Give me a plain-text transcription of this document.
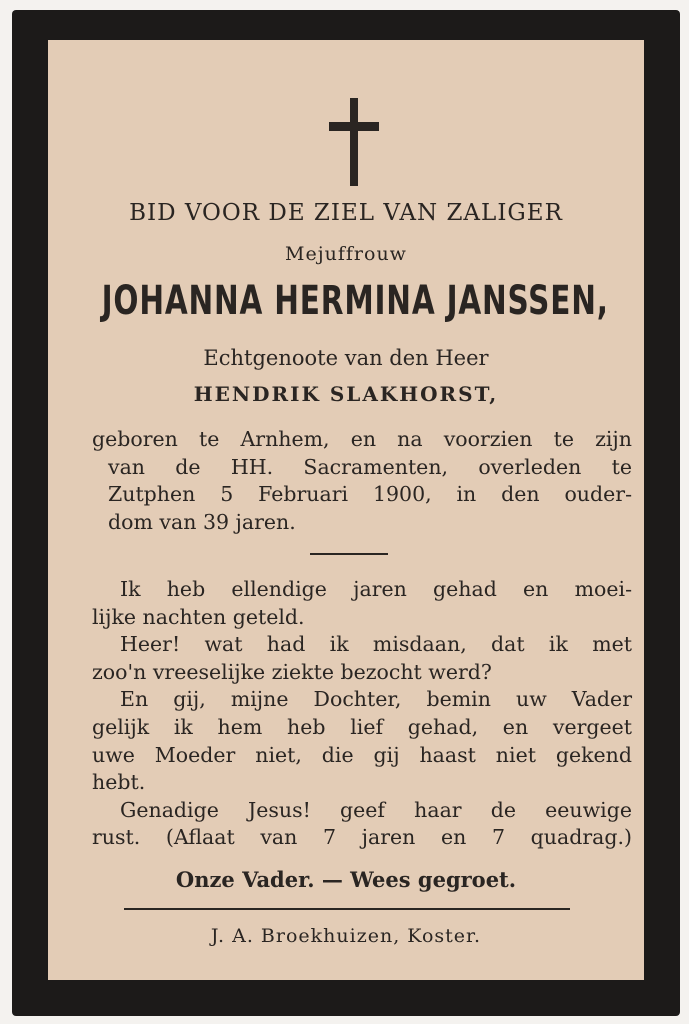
BID VOOR DE ZIEL VAN ZALIGER
Mejuffrouw
JOHANNA HERMINA JANSSEN,
Echtgenoote van den Heer
HENDRIK SLAKHORST,
geboren te Arnhem, en na voorzien te zijn
van de HH. Sacramenten, overleden te
Zutphen 5 Februari 1900, in den ouder-
dom van 39 jaren.
Ik heb ellendige jaren gehad en moei-
lijke nachten geteld.
Heer! wat had ik misdaan, dat ik met
zoo'n vreeselijke ziekte bezocht werd?
En gij, mijne Dochter, bemin uw Vader
gelijk ik hem heb lief gehad, en vergeet
uwe Moeder niet, die gij haast niet gekend
hebt.
Genadige Jesus! geef haar de eeuwige
rust. (Aflaat van 7 jaren en 7 quadrag.)
Onze Vader. — Wees gegroet.
J. A. Broekhuizen, Koster.
